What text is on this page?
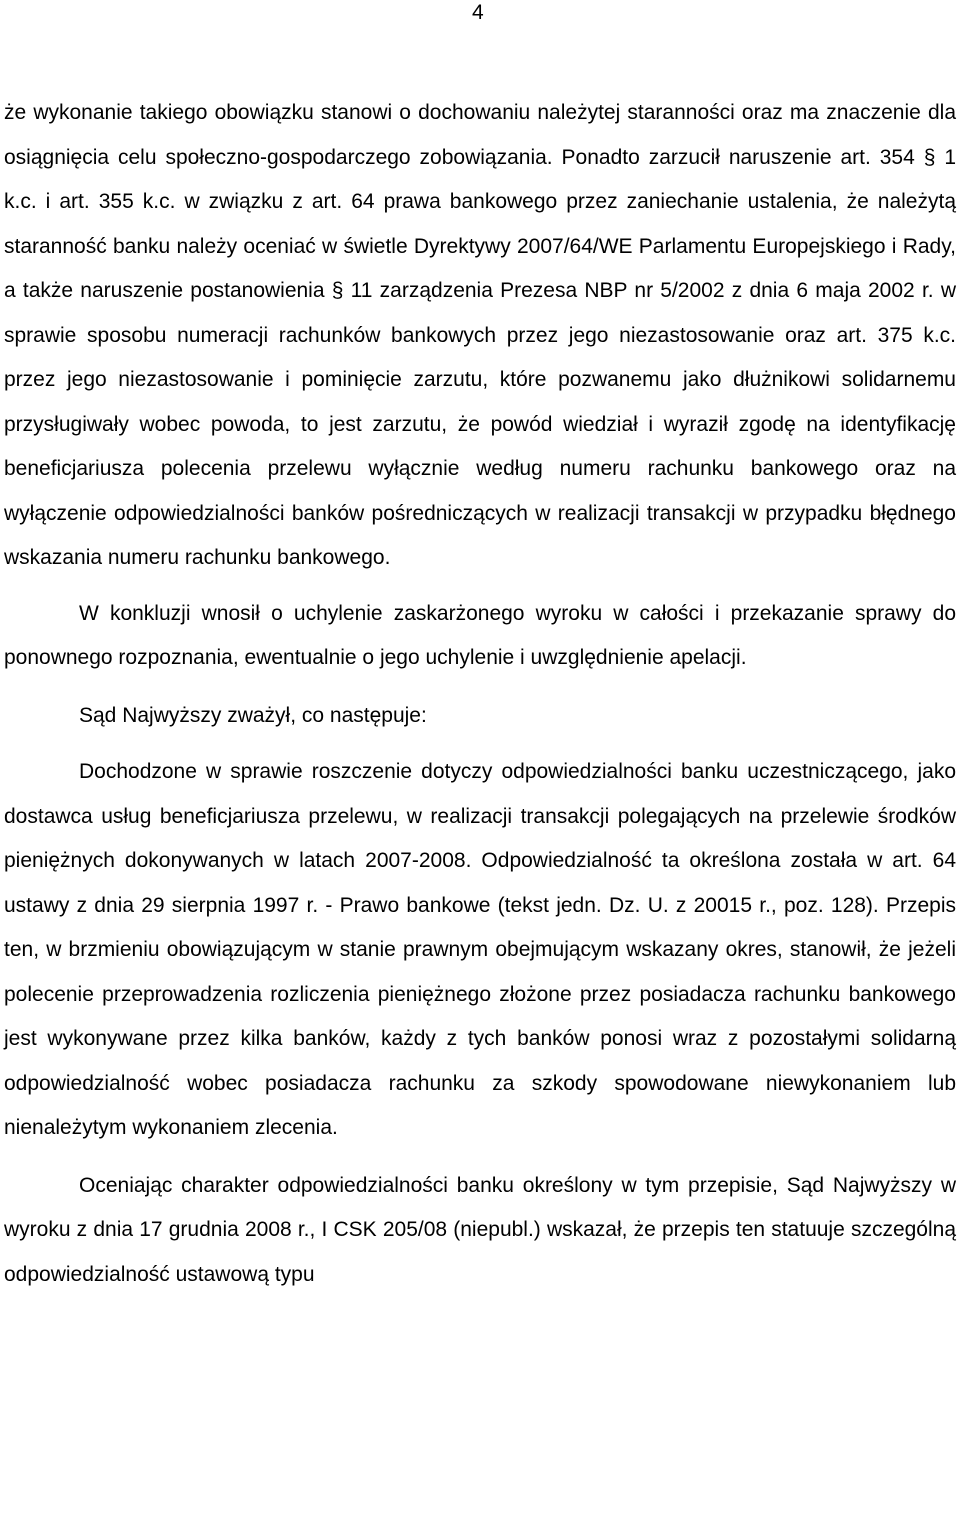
4

że wykonanie takiego obowiązku stanowi o dochowaniu należytej staranności oraz ma znaczenie dla osiągnięcia celu społeczno-gospodarczego zobowiązania. Ponadto zarzucił naruszenie art. 354 § 1 k.c. i art. 355 k.c. w związku z art. 64 prawa bankowego przez zaniechanie ustalenia, że należytą staranność banku należy oceniać w świetle Dyrektywy 2007/64/WE Parlamentu Europejskiego i Rady, a także naruszenie postanowienia § 11 zarządzenia Prezesa NBP nr 5/2002 z dnia 6 maja 2002 r. w sprawie sposobu numeracji rachunków bankowych przez jego niezastosowanie oraz art. 375 k.c. przez jego niezastosowanie i pominięcie zarzutu, które pozwanemu jako dłużnikowi solidarnemu przysługiwały wobec powoda, to jest zarzutu, że powód wiedział i wyraził zgodę na identyfikację beneficjariusza polecenia przelewu wyłącznie według numeru rachunku bankowego oraz na wyłączenie odpowiedzialności banków pośredniczących w realizacji transakcji w przypadku błędnego wskazania numeru rachunku bankowego.

W konkluzji wnosił o uchylenie zaskarżonego wyroku w całości i przekazanie sprawy do ponownego rozpoznania, ewentualnie o jego uchylenie i uwzględnienie apelacji.

Sąd Najwyższy zważył, co następuje:

Dochodzone w sprawie roszczenie dotyczy odpowiedzialności banku uczestniczącego, jako dostawca usług beneficjariusza przelewu, w realizacji transakcji polegających na przelewie środków pieniężnych dokonywanych w latach 2007-2008. Odpowiedzialność ta określona została w art. 64 ustawy z dnia 29 sierpnia 1997 r. - Prawo bankowe (tekst jedn. Dz. U. z 20015 r., poz. 128). Przepis ten, w brzmieniu obowiązującym w stanie prawnym obejmującym wskazany okres, stanowił, że jeżeli polecenie przeprowadzenia rozliczenia pieniężnego złożone przez posiadacza rachunku bankowego jest wykonywane przez kilka banków, każdy z tych banków ponosi wraz z pozostałymi solidarną odpowiedzialność wobec posiadacza rachunku za szkody spowodowane niewykonaniem lub nienależytym wykonaniem zlecenia.

Oceniając charakter odpowiedzialności banku określony w tym przepisie, Sąd Najwyższy w wyroku z dnia 17 grudnia 2008 r., I CSK 205/08 (niepubl.) wskazał, że przepis ten statuuje szczególną odpowiedzialność ustawową typu
